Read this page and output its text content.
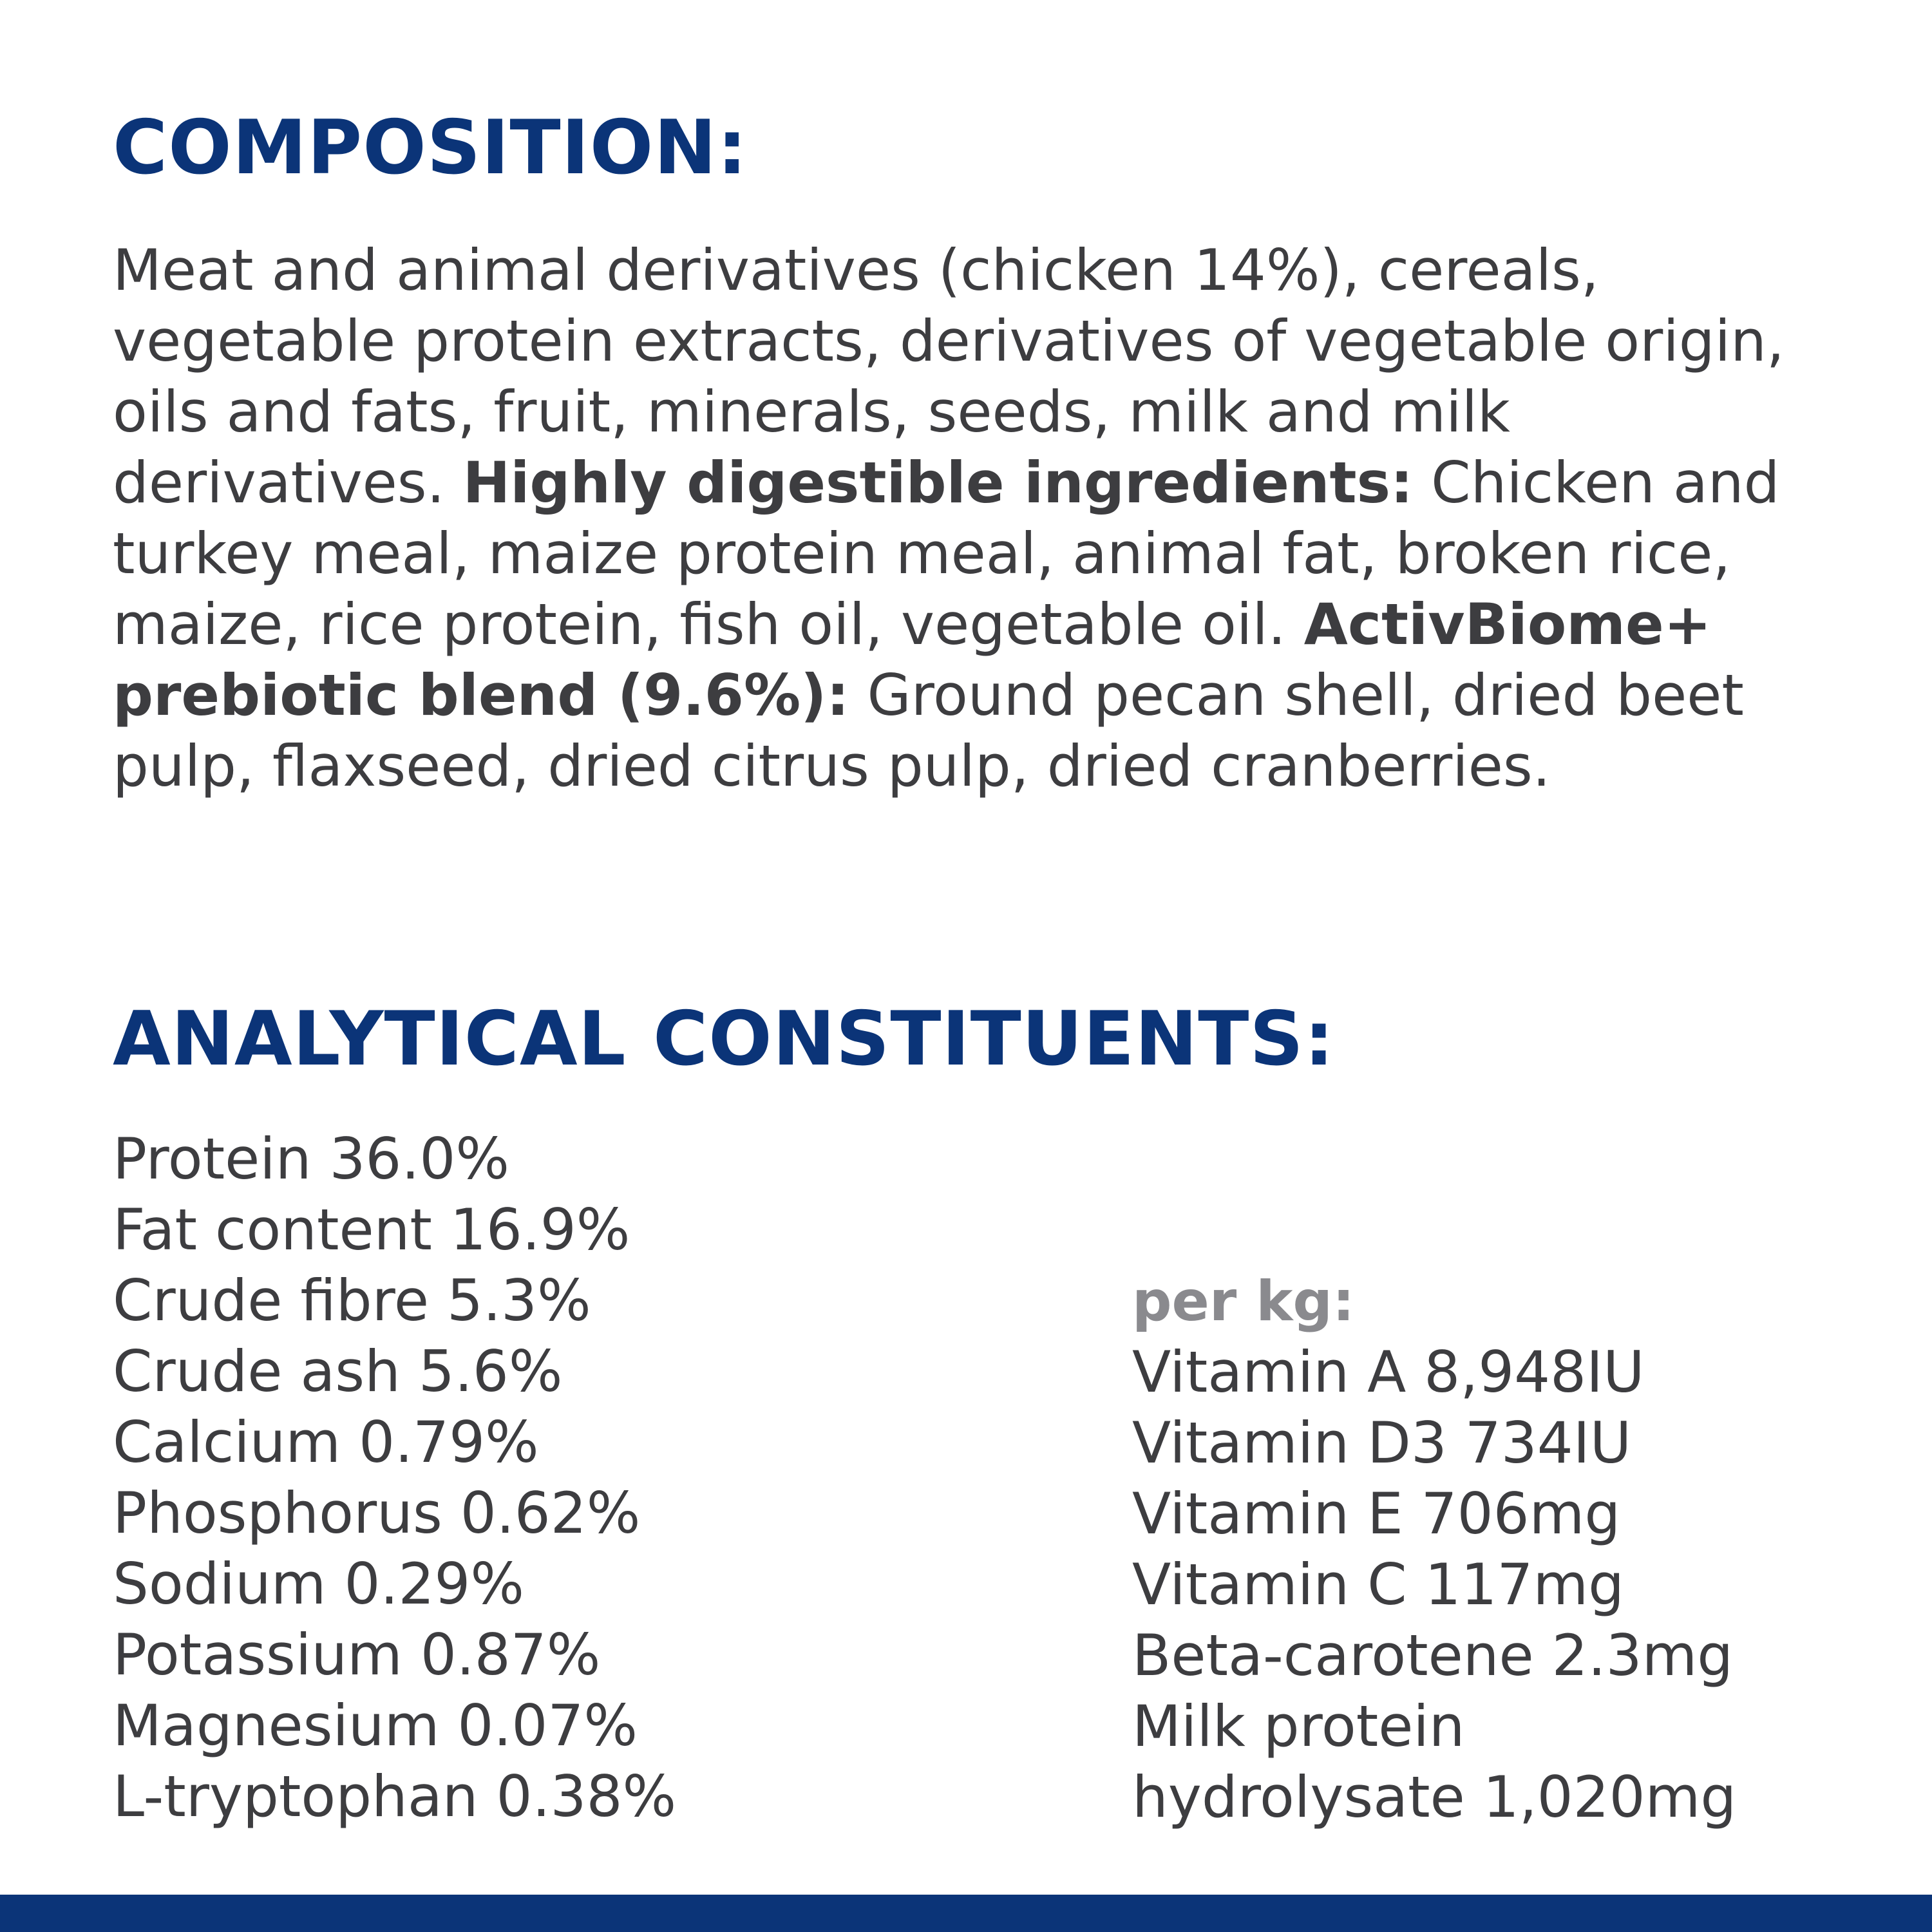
COMPOSITION:

Meat and animal derivatives (chicken 14%), cereals, vegetable protein extracts, derivatives of vegetable origin, oils and fats, fruit, minerals, seeds, milk and milk derivatives. Highly digestible ingredients: Chicken and turkey meal, maize protein meal, animal fat, broken rice, maize, rice protein, fish oil, vegetable oil. ActivBiome+ prebiotic blend (9.6%): Ground pecan shell, dried beet pulp, flaxseed, dried citrus pulp, dried cranberries.

ANALYTICAL CONSTITUENTS:
Protein 36.0%
Fat content 16.9%
Crude fibre 5.3%
Crude ash 5.6%
Calcium 0.79%
Phosphorus 0.62%
Sodium 0.29%
Potassium 0.87%
Magnesium 0.07%
L-tryptophan 0.38%
per kg:
Vitamin A 8,948IU
Vitamin D3 734IU
Vitamin E 706mg
Vitamin C 117mg
Beta-carotene 2.3mg
Milk protein
hydrolysate 1,020mg
